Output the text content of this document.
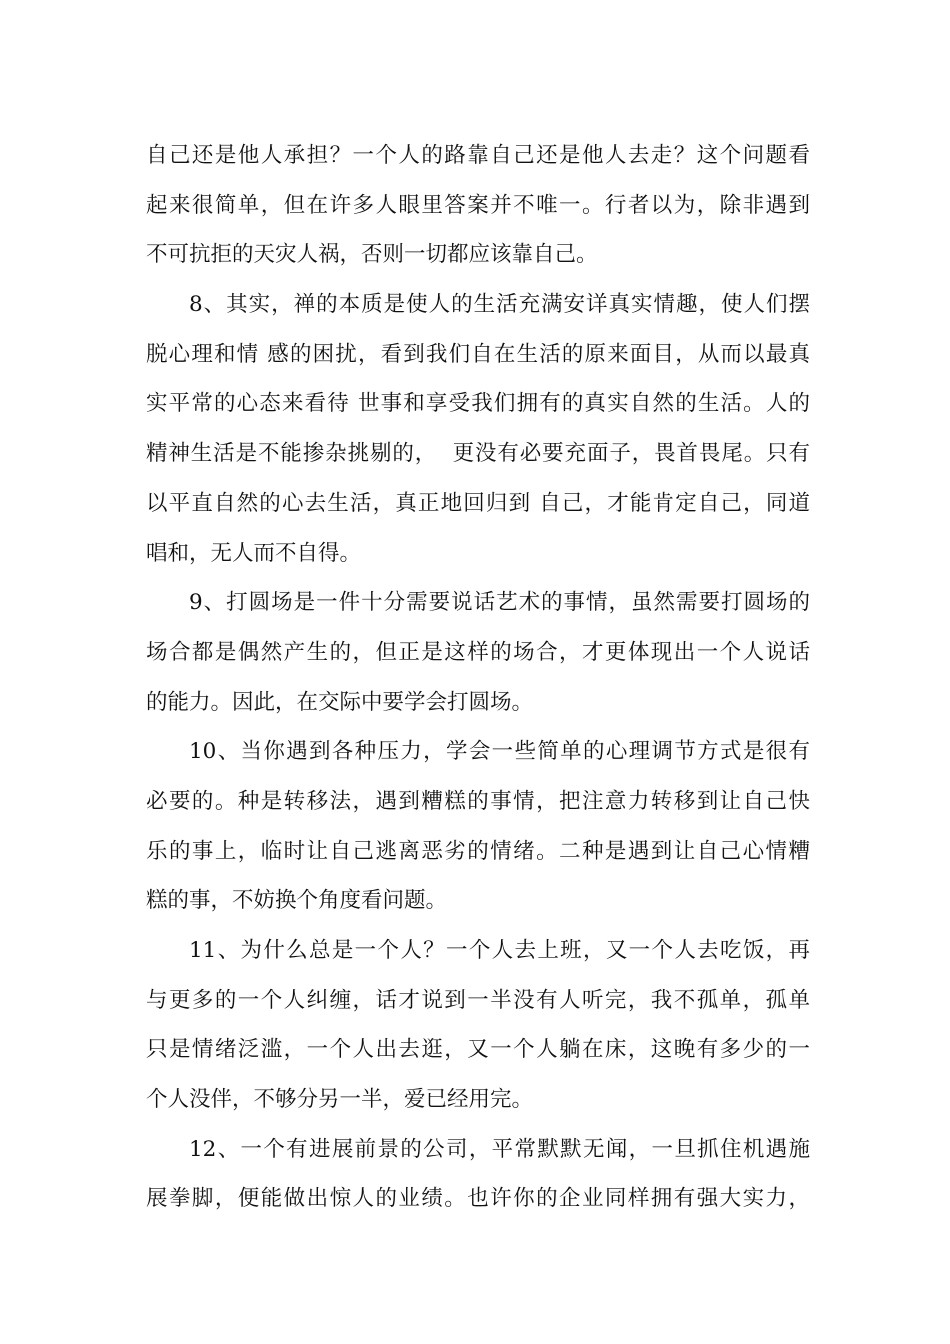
自己还是他人承担？一个人的路靠自己还是他人去走？这个问题看
起来很简单，但在许多人眼里答案并不唯一。行者以为，除非遇到
不可抗拒的天灾人祸，否则一切都应该靠自己。
8、其实，禅的本质是使人的生活充满安详真实情趣，使人们摆
脱心理和情 感的困扰，看到我们自在生活的原来面目，从而以最真
实平常的心态来看待 世事和享受我们拥有的真实自然的生活。人的
精神生活是不能掺杂挑剔的，  更没有必要充面子，畏首畏尾。只有
以平直自然的心去生活，真正地回归到 自己，才能肯定自己，同道
唱和，无人而不自得。
9、打圆场是一件十分需要说话艺术的事情，虽然需要打圆场的
场合都是偶然产生的，但正是这样的场合，才更体现出一个人说话
的能力。因此，在交际中要学会打圆场。
10、当你遇到各种压力，学会一些简单的心理调节方式是很有
必要的。种是转移法，遇到糟糕的事情，把注意力转移到让自己快
乐的事上，临时让自己逃离恶劣的情绪。二种是遇到让自己心情糟
糕的事，不妨换个角度看问题。
11、为什么总是一个人？一个人去上班，又一个人去吃饭，再
与更多的一个人纠缠，话才说到一半没有人听完，我不孤单，孤单
只是情绪泛滥，一个人出去逛，又一个人躺在床，这晚有多少的一
个人没伴，不够分另一半，爱已经用完。
12、一个有进展前景的公司，平常默默无闻，一旦抓住机遇施
展拳脚，便能做出惊人的业绩。也许你的企业同样拥有强大实力，
